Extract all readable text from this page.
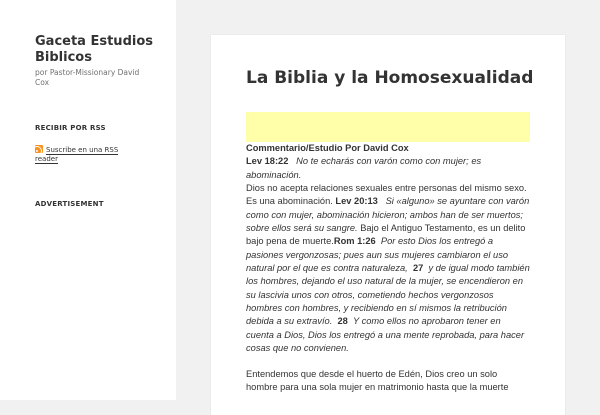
Gaceta Estudios Biblicos
por Pastor-Missionary David Cox
RECIBIR POR RSS
Suscribe en una RSS reader
ADVERTISEMENT
La Biblia y la Homosexualidad

Commentario/Estudio Por David Cox
Lev 18:22 No te echarás con varón como con mujer; es abominación.
Dios no acepta relaciones sexuales entre personas del mismo sexo. Es una abominación. Lev 20:13 Si «alguno» se ayuntare con varón como con mujer, abominación hicieron; ambos han de ser muertos; sobre ellos será su sangre. Bajo el Antiguo Testamento, es un delito bajo pena de muerte.Rom 1:26 Por esto Dios los entregó a pasiones vergonzosas; pues aun sus mujeres cambiaron el uso natural por el que es contra naturaleza, 27 y de igual modo también los hombres, dejando el uso natural de la mujer, se encendieron en su lascivia unos con otros, cometiendo hechos vergonzosos hombres con hombres, y recibiendo en sí mismos la retribución debida a su extravío. 28 Y como ellos no aprobaron tener en cuenta a Dios, Dios los entregó a una mente reprobada, para hacer cosas que no convienen.

Entendemos que desde el huerto de Edén, Dios creo un solo hombre para una sola mujer en matrimonio hasta que la muerte
